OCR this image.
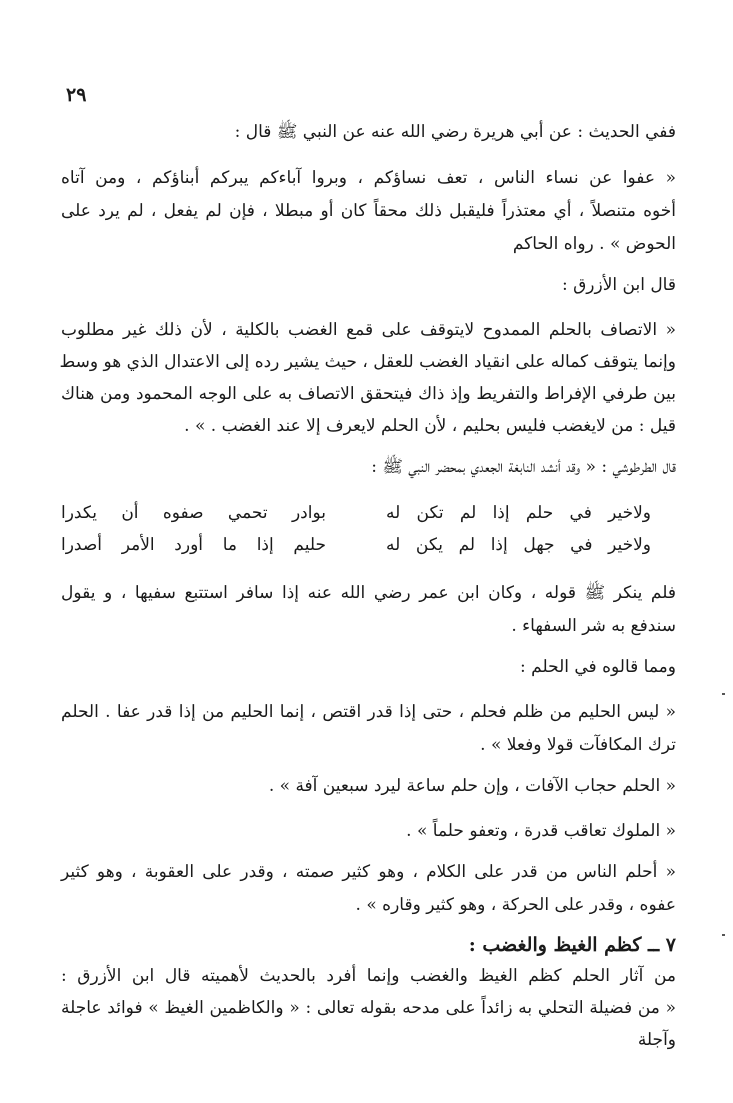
٢٩
ففي الحديث : عن أبي هريرة رضي الله عنه عن النبي ﷺ قال :
« عفوا عن نساء الناس ، تعف نساؤكم ، وبروا آباءكم يبركم أبناؤكم ، ومن آتاه
أخوه متنصلاً ، أي معتذراً فليقبل ذلك محقاً كان أو مبطلا ، فإن لم يفعل ، لم يرد على
الحوض » . رواه الحاكم
قال ابن الأزرق :
« الاتصاف بالحلم الممدوح لايتوقف على قمع الغضب بالكلية ، لأن ذلك غير مطلوب
وإنما يتوقف كماله على انقياد الغضب للعقل ، حيث يشير رده إلى الاعتدال الذي هو وسط
بين طرفي الإفراط والتفريط وإذ ذاك فيتحقق الاتصاف به على الوجه المحمود ومن هناك
قيل : من لايغضب فليس بحليم ، لأن الحلم لايعرف إلا عند الغضب . » .
قال الطرطوشي : « وقد أنشد النابغة الجعدي بمحضر النبي ﷺ :
ولاخير في حلم إذا لم تكن له
بوادر تحمي صفوه أن يكدرا
ولاخير في جهل إذا لم يكن له
حليم إذا ما أورد الأمر أصدرا
فلم ينكر ﷺ قوله ، وكان ابن عمر رضي الله عنه إذا سافر استتبع سفيها ، و يقول
سندفع به شر السفهاء .
ومما قالوه في الحلم :
« ليس الحليم من ظلم فحلم ، حتى إذا قدر اقتص ، إنما الحليم من إذا قدر عفا . الحلم
ترك المكافآت قولا وفعلا » .
« الحلم حجاب الآفات ، وإن حلم ساعة ليرد سبعين آفة » .
« الملوك تعاقب قدرة ، وتعفو حلماً » .
« أحلم الناس من قدر على الكلام ، وهو كثير صمته ، وقدر على العقوبة ، وهو كثير
عفوه ، وقدر على الحركة ، وهو كثير وقاره » .
٧ ــ كظم الغيظ والغضب :
من آثار الحلم كظم الغيظ والغضب وإنما أفرد بالحديث لأهميته قال ابن الأزرق :
« من فضيلة التحلي به زائداً على مدحه بقوله تعالى : « والكاظمين الغيظ » فوائد عاجلة
وآجلة
